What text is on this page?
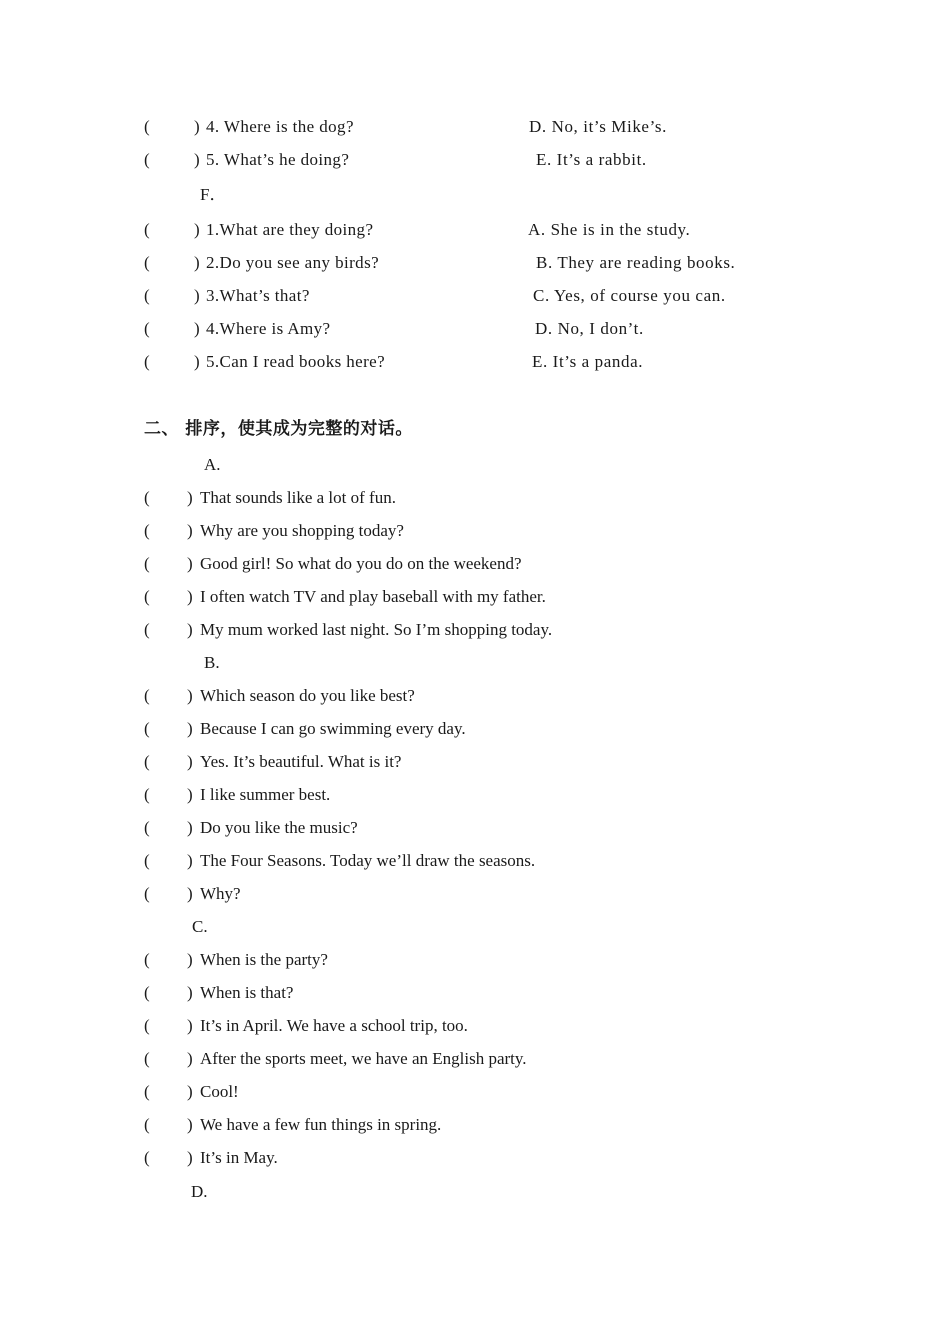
(	) 4. Where is the dog?	D. No, it’s Mike’s.
(	) 5. What’s he doing?	E. It’s a rabbit.
F．
(	) 1.What are they doing?	A. She is in the study.
(	) 2.Do you see any birds?	B. They are reading books.
(	) 3.What’s that?	C. Yes, of course you can.
(	) 4.Where is Amy?	D. No, I don’t.
(	) 5.Can I read books here?	E. It’s a panda.
二、 排序，使其成为完整的对话。
A.
( ) That sounds like a lot of fun.
( ) Why are you shopping today?
( ) Good girl! So what do you do on the weekend?
( ) I often watch TV and play baseball with my father.
( ) My mum worked last night. So I’m shopping today.
B.
( ) Which season do you like best?
( ) Because I can go swimming every day.
( ) Yes. It’s beautiful. What is it?
( ) I like summer best.
( ) Do you like the music?
( ) The Four Seasons. Today we’ll draw the seasons.
( ) Why?
C.
( ) When is the party?
( ) When is that?
( ) It’s in April. We have a school trip, too.
( ) After the sports meet, we have an English party.
( ) Cool!
( ) We have a few fun things in spring.
( ) It’s in May.
D.
